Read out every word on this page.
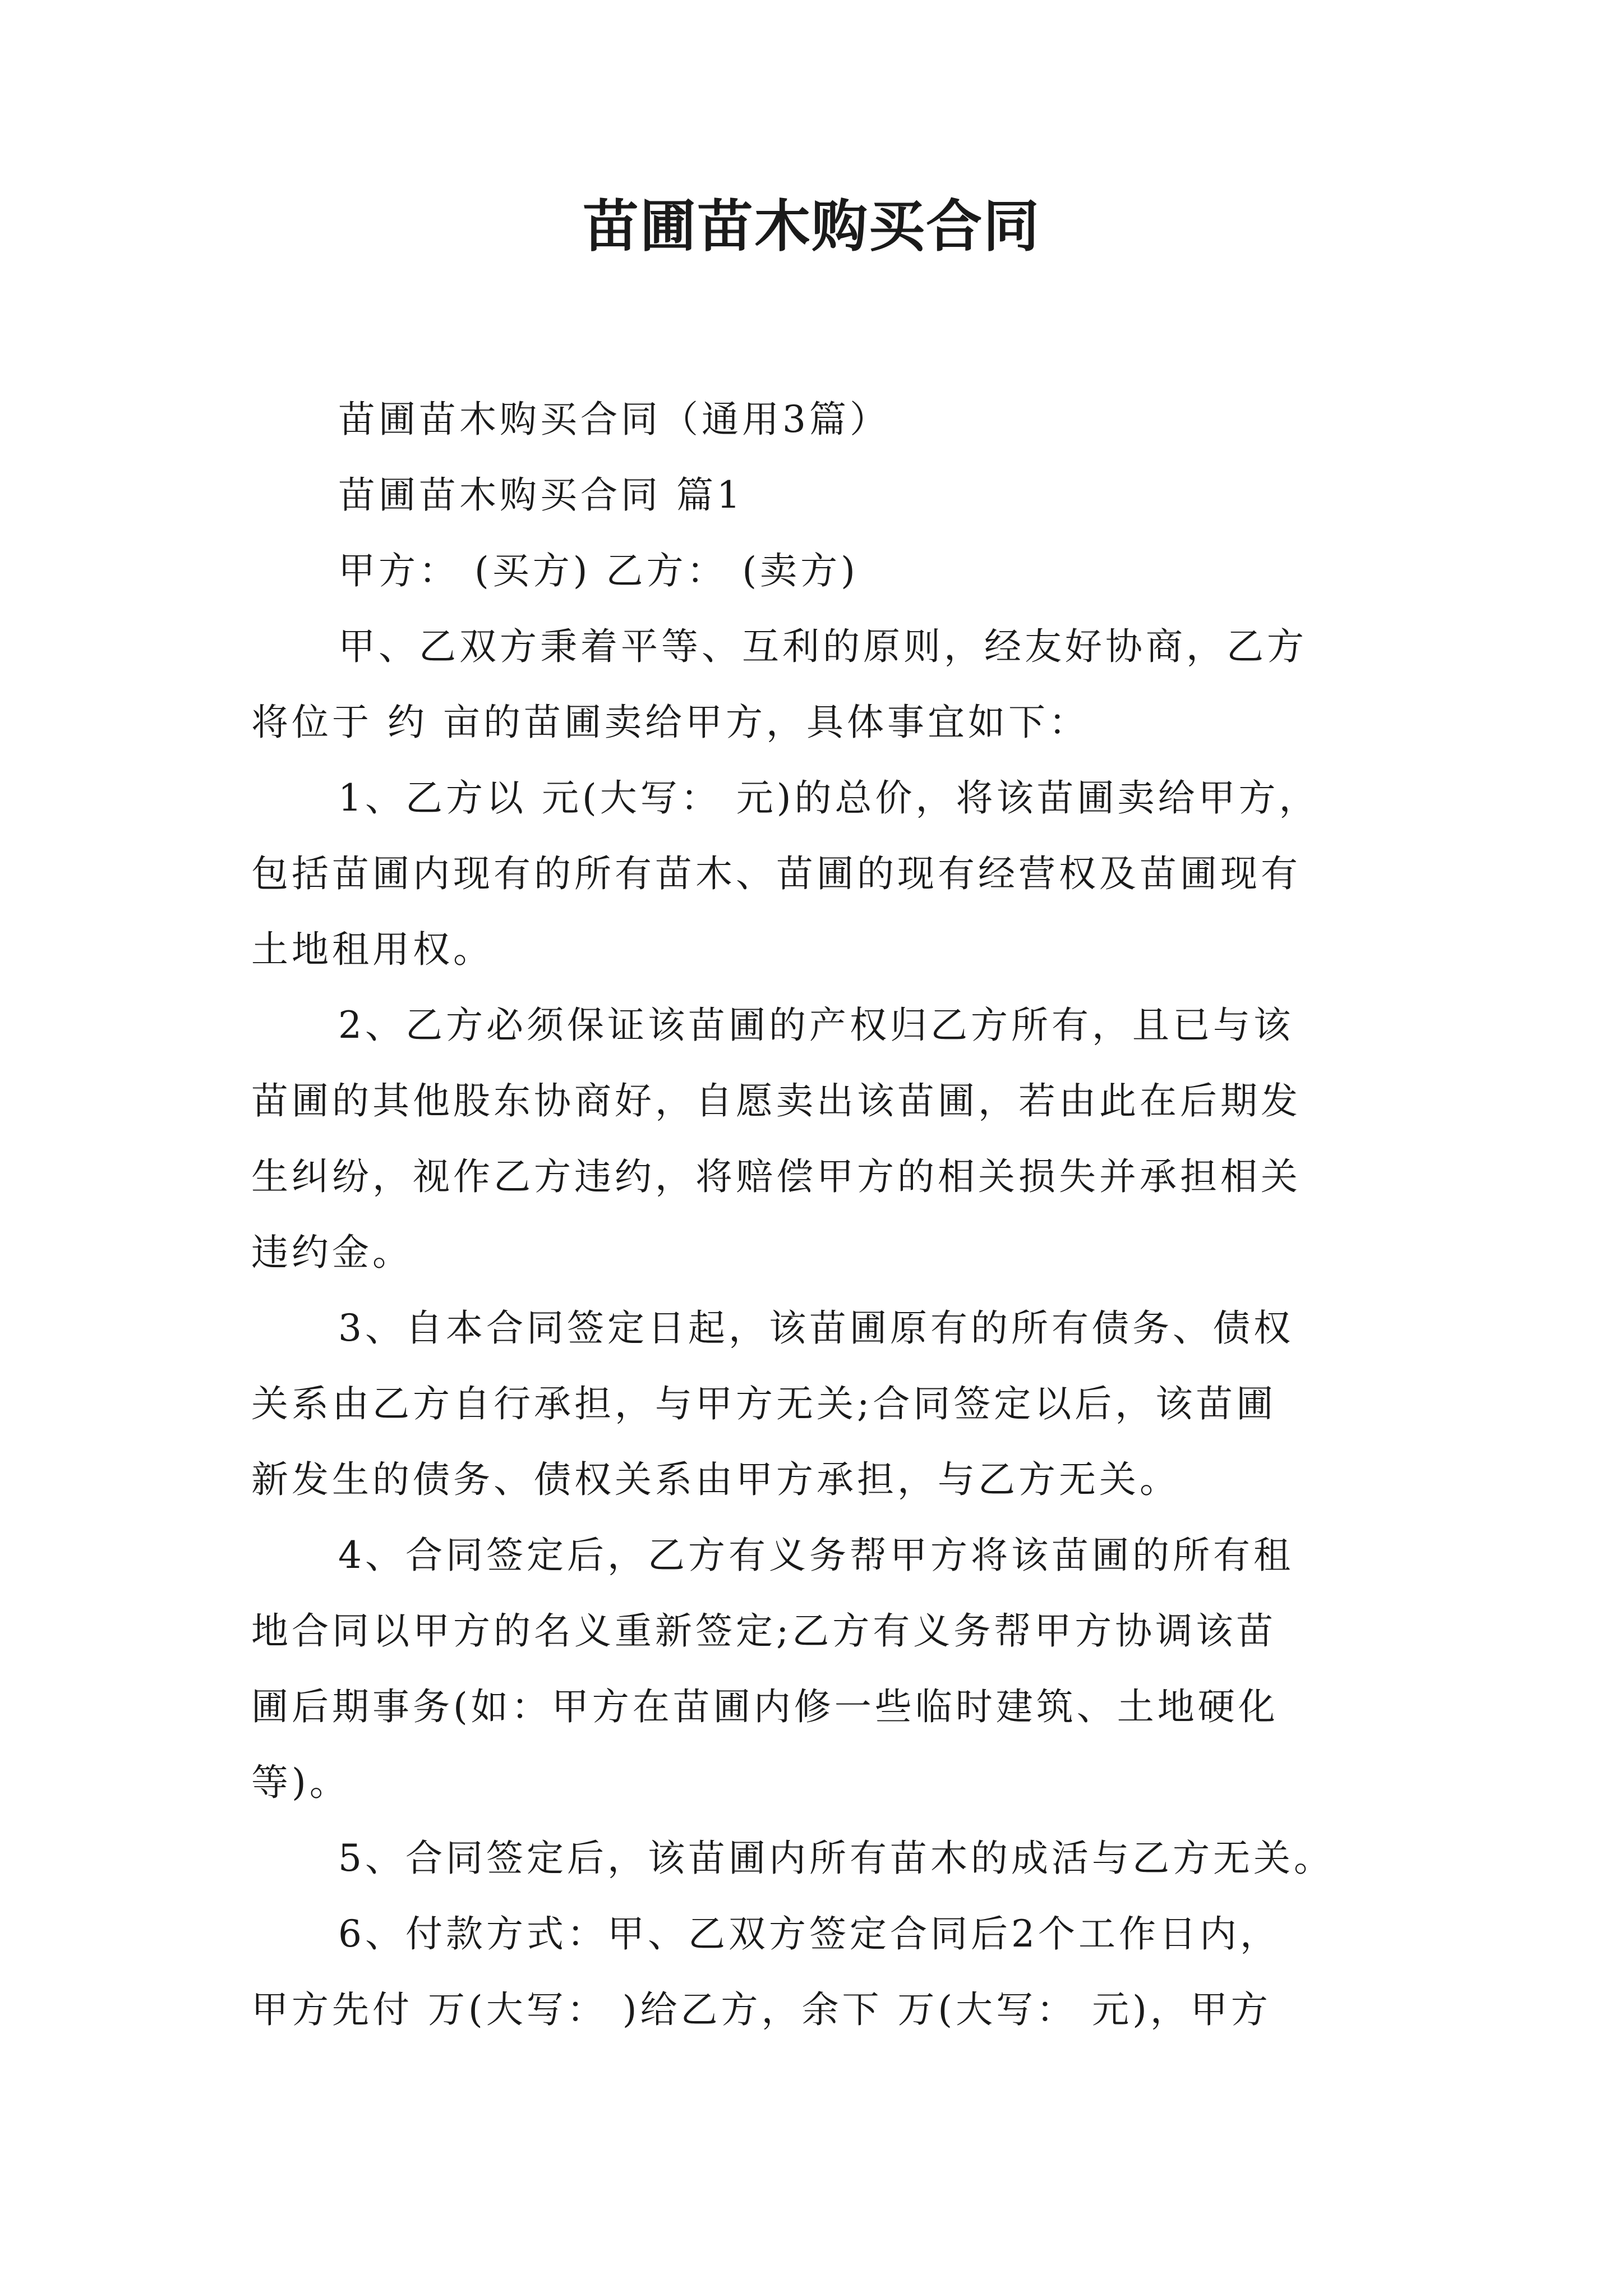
苗圃苗木购买合同
苗圃苗木购买合同（通用3篇）
苗圃苗木购买合同 篇1
甲方： (买方) 乙方： (卖方)
甲、乙双方秉着平等、互利的原则，经友好协商，乙方
将位于 约 亩的苗圃卖给甲方，具体事宜如下：
1、乙方以 元(大写： 元)的总价，将该苗圃卖给甲方，
包括苗圃内现有的所有苗木、苗圃的现有经营权及苗圃现有
土地租用权。
2、乙方必须保证该苗圃的产权归乙方所有，且已与该
苗圃的其他股东协商好，自愿卖出该苗圃，若由此在后期发
生纠纷，视作乙方违约，将赔偿甲方的相关损失并承担相关
违约金。
3、自本合同签定日起，该苗圃原有的所有债务、债权
关系由乙方自行承担，与甲方无关;合同签定以后，该苗圃
新发生的债务、债权关系由甲方承担，与乙方无关。
4、合同签定后，乙方有义务帮甲方将该苗圃的所有租
地合同以甲方的名义重新签定;乙方有义务帮甲方协调该苗
圃后期事务(如：甲方在苗圃内修一些临时建筑、土地硬化
等)。
5、合同签定后，该苗圃内所有苗木的成活与乙方无关。
6、付款方式：甲、乙双方签定合同后2个工作日内，
甲方先付 万(大写： )给乙方，余下 万(大写： 元)，甲方
